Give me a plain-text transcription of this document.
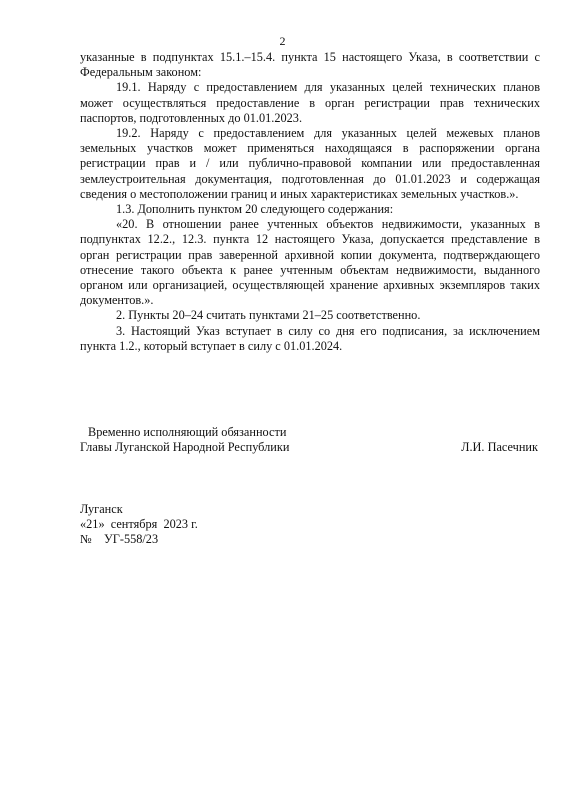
2

указанные в подпунктах 15.1.–15.4. пункта 15 настоящего Указа, в соответствии с Федеральным законом:

19.1. Наряду с предоставлением для указанных целей технических планов может осуществляться предоставление в орган регистрации прав технических паспортов, подготовленных до 01.01.2023.

19.2. Наряду с предоставлением для указанных целей межевых планов земельных участков может применяться находящаяся в распоряжении органа регистрации прав и / или публично-правовой компании или предоставленная землеустроительная документация, подготовленная до 01.01.2023 и содержащая сведения о местоположении границ и иных характеристиках земельных участков.».

1.3. Дополнить пунктом 20 следующего содержания:

«20. В отношении ранее учтенных объектов недвижимости, указанных в подпунктах 12.2., 12.3. пункта 12 настоящего Указа, допускается представление в орган регистрации прав заверенной архивной копии документа, подтверждающего отнесение такого объекта к ранее учтенным объектам недвижимости, выданного органом или организацией, осуществляющей хранение архивных экземпляров таких документов.».

2. Пункты 20–24 считать пунктами 21–25 соответственно.

3. Настоящий Указ вступает в силу со дня его подписания, за исключением пункта 1.2., который вступает в силу с 01.01.2024.

Временно исполняющий обязанности
Главы Луганской Народной Республики	Л.И. Пасечник
Луганск
«21»  сентября  2023 г.
№    УГ-558/23
